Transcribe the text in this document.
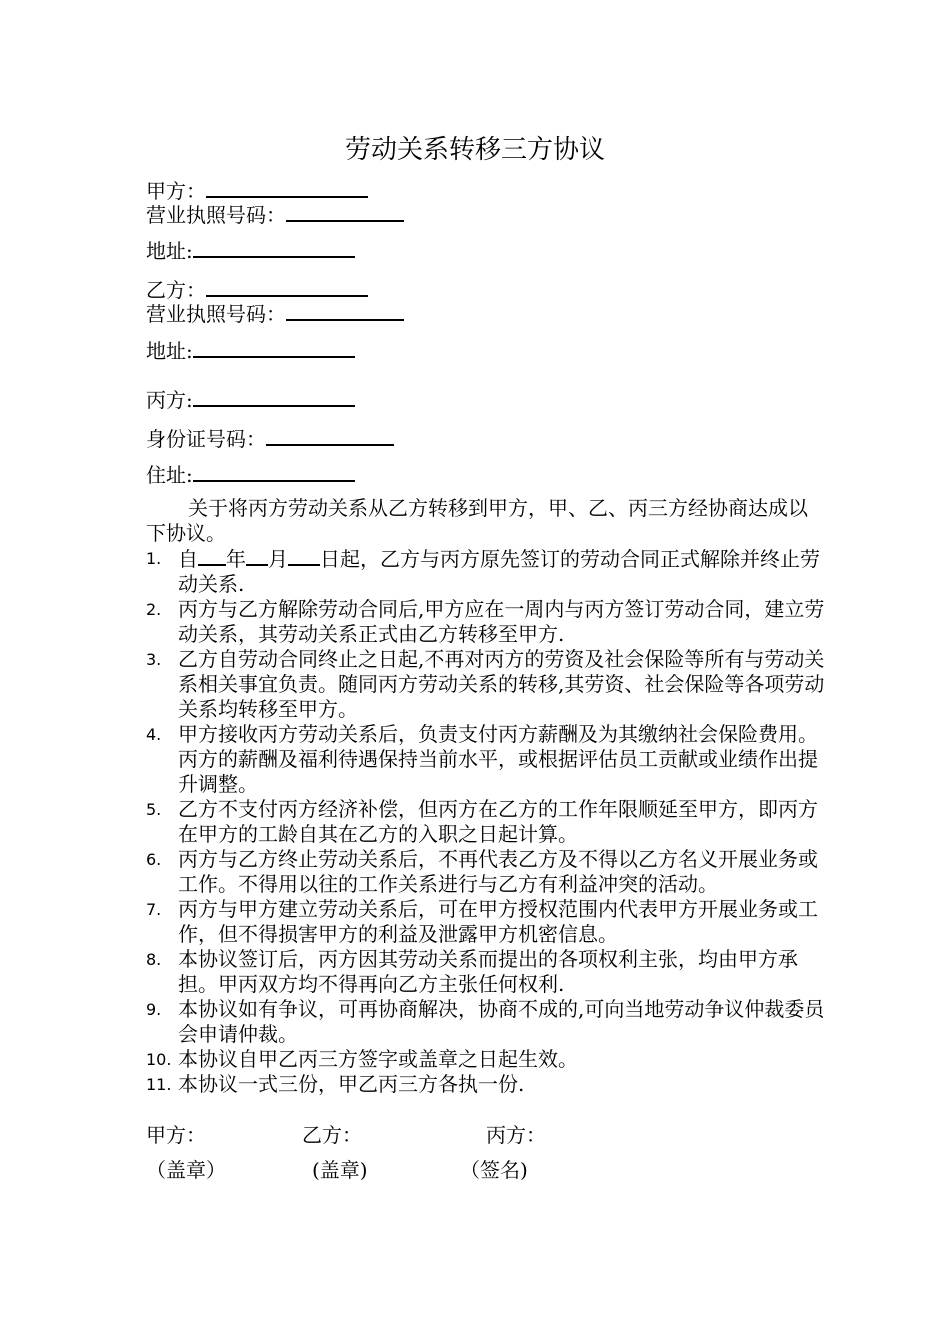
劳动关系转移三方协议
甲方：
营业执照号码：
地址:
乙方：
营业执照号码：
地址:
丙方:
身份证号码：
住址:
关于将丙方劳动关系从乙方转移到甲方，甲、乙、丙三方经协商达成以下协议。
1. 自 年 月 日起，乙方与丙方原先签订的劳动合同正式解除并终止劳动关系.
2. 丙方与乙方解除劳动合同后,甲方应在一周内与丙方签订劳动合同，建立劳动关系，其劳动关系正式由乙方转移至甲方.
3. 乙方自劳动合同终止之日起,不再对丙方的劳资及社会保险等所有与劳动关系相关事宜负责。随同丙方劳动关系的转移,其劳资、社会保险等各项劳动关系均转移至甲方。
4. 甲方接收丙方劳动关系后，负责支付丙方薪酬及为其缴纳社会保险费用。丙方的薪酬及福利待遇保持当前水平，或根据评估员工贡献或业绩作出提升调整。
5. 乙方不支付丙方经济补偿，但丙方在乙方的工作年限顺延至甲方，即丙方在甲方的工龄自其在乙方的入职之日起计算。
6. 丙方与乙方终止劳动关系后，不再代表乙方及不得以乙方名义开展业务或工作。不得用以往的工作关系进行与乙方有利益冲突的活动。
7. 丙方与甲方建立劳动关系后，可在甲方授权范围内代表甲方开展业务或工作，但不得损害甲方的利益及泄露甲方机密信息。
8. 本协议签订后，丙方因其劳动关系而提出的各项权利主张，均由甲方承担。甲丙双方均不得再向乙方主张任何权利.
9. 本协议如有争议，可再协商解决，协商不成的,可向当地劳动争议仲裁委员会申请仲裁。
10. 本协议自甲乙丙三方签字或盖章之日起生效。
11. 本协议一式三份，甲乙丙三方各执一份.
甲方：	乙方：	丙方：
（盖章）	(盖章)	（签名)
